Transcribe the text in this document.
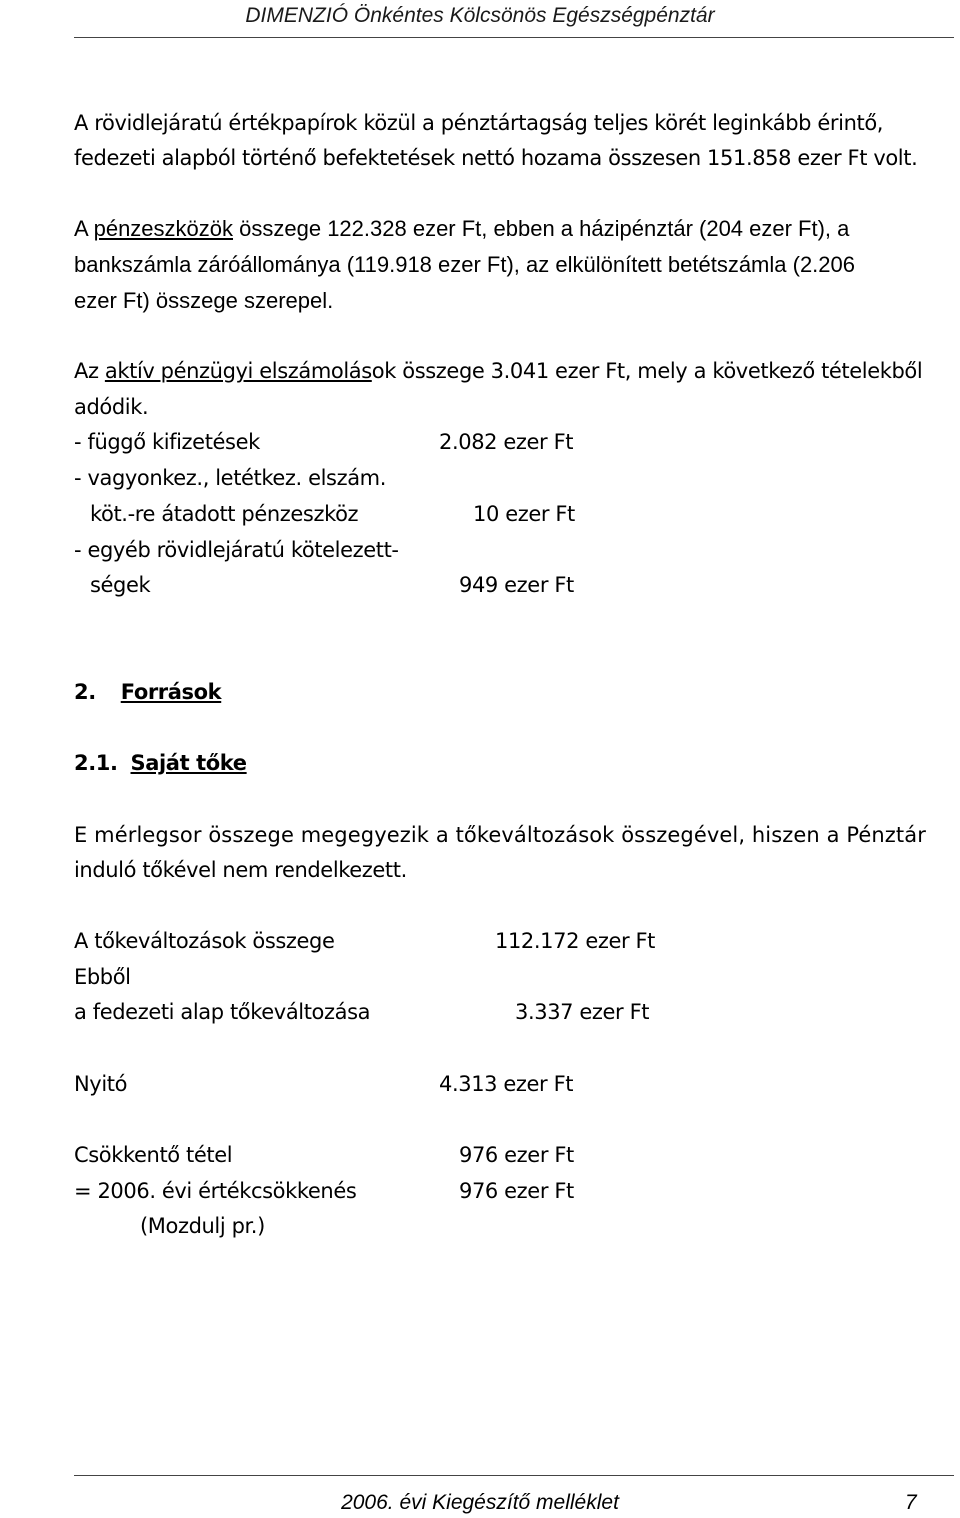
DIMENZIÓ Önkéntes Kölcsönös Egészségpénztár
A rövidlejáratú értékpapírok közül a pénztártagság teljes körét leginkább érintő,
fedezeti alapból történő befektetések nettó hozama összesen 151.858 ezer Ft volt.
A pénzeszközök összege 122.328 ezer Ft, ebben a házipénztár (204 ezer Ft), a
bankszámla záróállománya (119.918 ezer Ft), az elkülönített betétszámla (2.206
ezer Ft) összege szerepel.
Az aktív pénzügyi elszámolások összege 3.041 ezer Ft, mely a következő tételekből
adódik.
- függő kifizetések	2.082 ezer Ft
- vagyonkez., letétkez. elszám.
köt.-re átadott pénzeszköz	10 ezer Ft
- egyéb rövidlejáratú kötelezett-
ségek	949 ezer Ft
2. Források
2.1. Saját tőke
E mérlegsor összege megegyezik a tőkeváltozások összegével, hiszen a Pénztár
induló tőkével nem rendelkezett.
A tőkeváltozások összege	112.172 ezer Ft
Ebből
a fedezeti alap tőkeváltozása	3.337 ezer Ft
Nyitó	4.313 ezer Ft
Csökkentő tétel	976 ezer Ft
= 2006. évi értékcsökkenés	976 ezer Ft
(Mozdulj pr.)
2006. évi Kiegészítő melléklet	7
